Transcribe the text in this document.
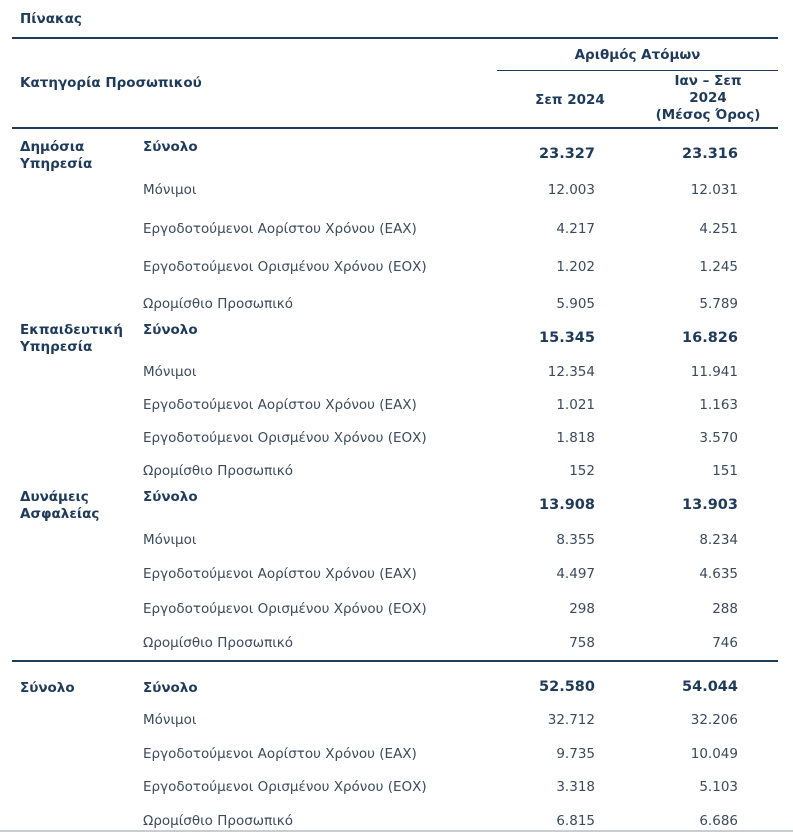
Πίνακας
Κατηγορία Προσωπικού
Αριθμός Ατόμων
Σεπ 2024
Ιαν – Σεπ
2024
(Μέσος Όρος)
Δημόσια
Υπηρεσία
Σύνολο	23.327	23.316
Μόνιμοι	12.003	12.031
Εργοδοτούμενοι Αορίστου Χρόνου (ΕΑΧ)	4.217	4.251
Εργοδοτούμενοι Ορισμένου Χρόνου (ΕΟΧ)	1.202	1.245
Ωρομίσθιο Προσωπικό	5.905	5.789
Εκπαιδευτική
Υπηρεσία
Σύνολο	15.345	16.826
Μόνιμοι	12.354	11.941
Εργοδοτούμενοι Αορίστου Χρόνου (ΕΑΧ)	1.021	1.163
Εργοδοτούμενοι Ορισμένου Χρόνου (ΕΟΧ)	1.818	3.570
Ωρομίσθιο Προσωπικό	152	151
Δυνάμεις
Ασφαλείας
Σύνολο	13.908	13.903
Μόνιμοι	8.355	8.234
Εργοδοτούμενοι Αορίστου Χρόνου (ΕΑΧ)	4.497	4.635
Εργοδοτούμενοι Ορισμένου Χρόνου (ΕΟΧ)	298	288
Ωρομίσθιο Προσωπικό	758	746
Σύνολο	Σύνολο	52.580	54.044
Μόνιμοι	32.712	32.206
Εργοδοτούμενοι Αορίστου Χρόνου (ΕΑΧ)	9.735	10.049
Εργοδοτούμενοι Ορισμένου Χρόνου (ΕΟΧ)	3.318	5.103
Ωρομίσθιο Προσωπικό	6.815	6.686
